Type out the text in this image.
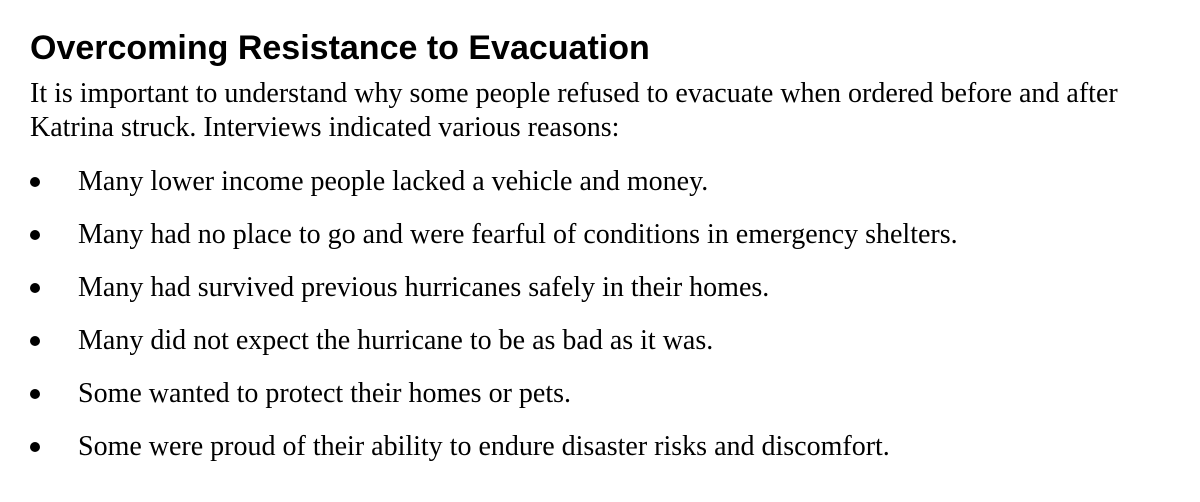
Overcoming Resistance to Evacuation

It is important to understand why some people refused to evacuate when ordered before and after Katrina struck. Interviews indicated various reasons:

Many lower income people lacked a vehicle and money.
Many had no place to go and were fearful of conditions in emergency shelters.
Many had survived previous hurricanes safely in their homes.
Many did not expect the hurricane to be as bad as it was.
Some wanted to protect their homes or pets.
Some were proud of their ability to endure disaster risks and discomfort.
